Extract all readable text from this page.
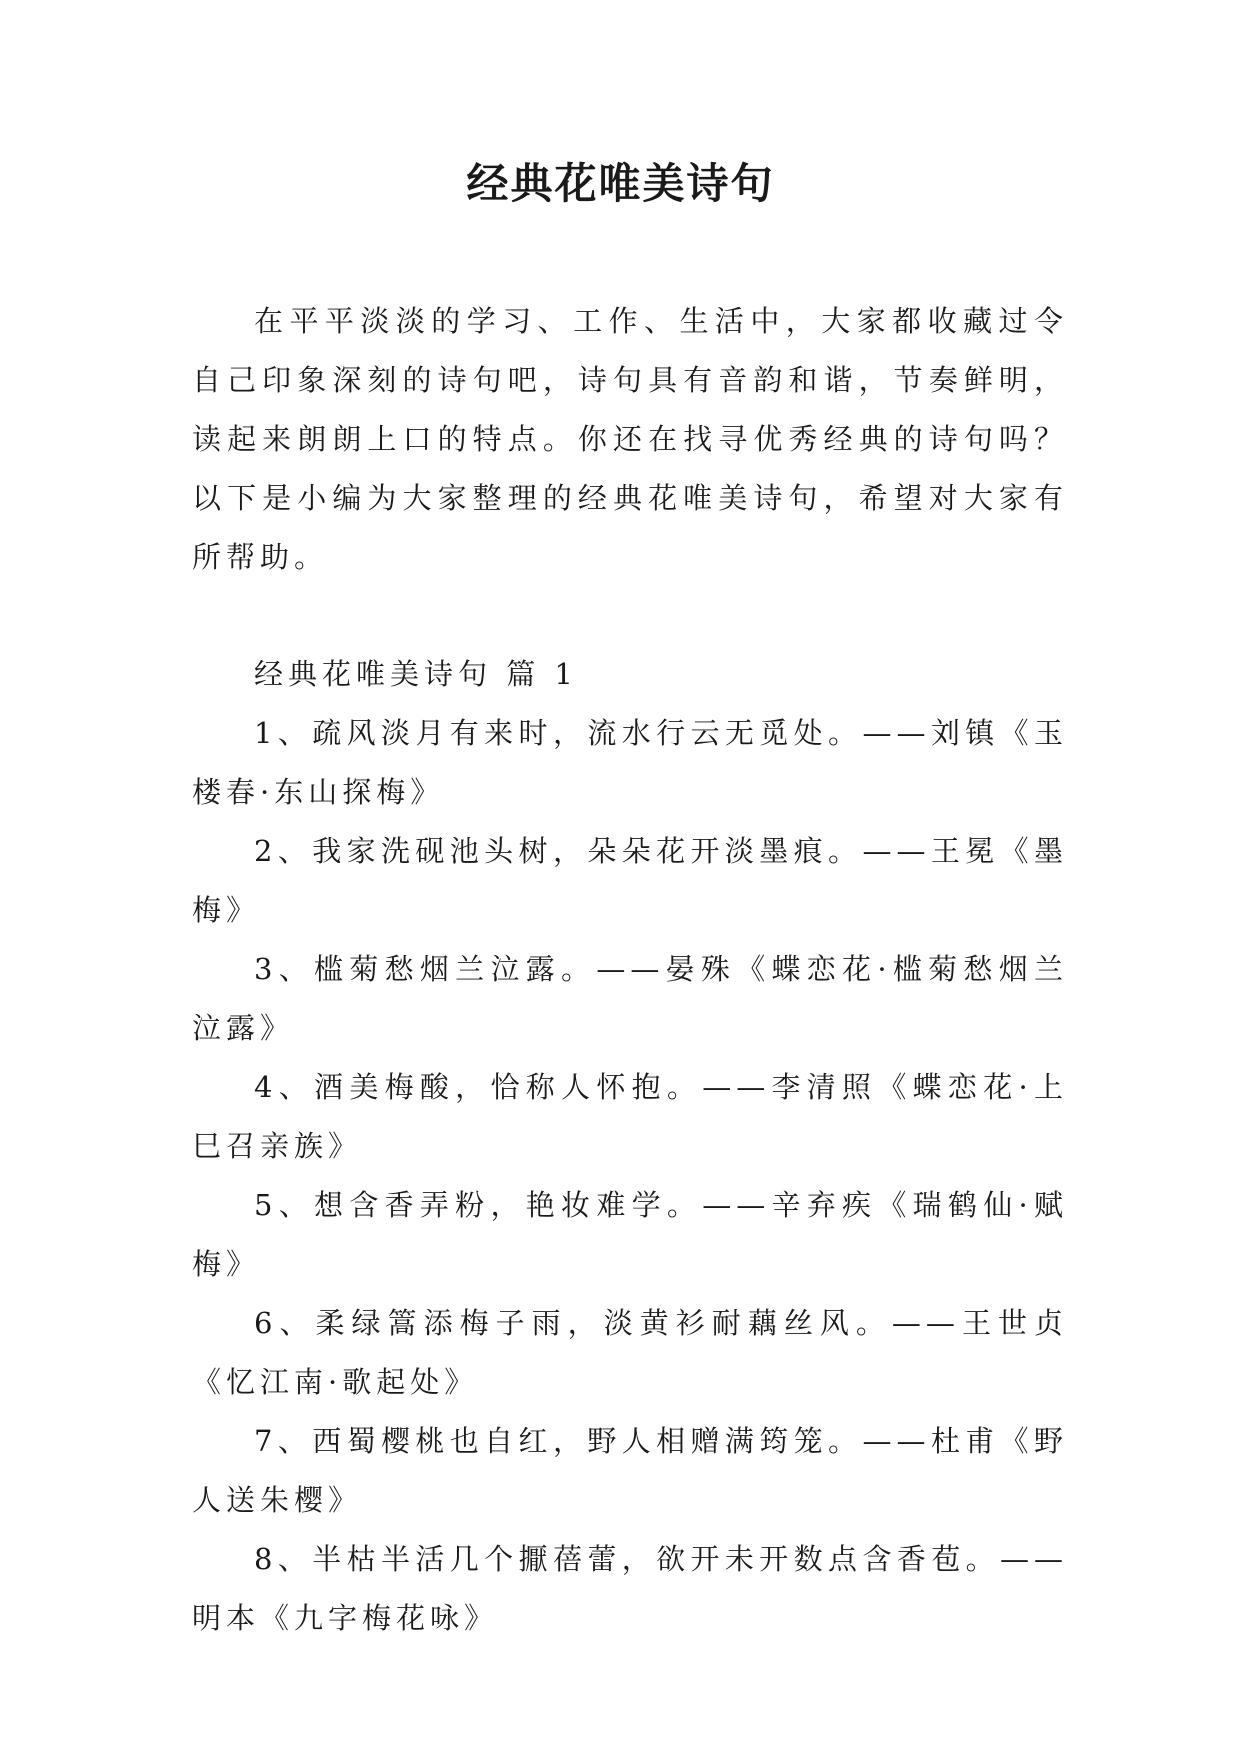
经典花唯美诗句

在平平淡淡的学习、工作、生活中，大家都收藏过令自己印象深刻的诗句吧，诗句具有音韵和谐，节奏鲜明，读起来朗朗上口的特点。你还在找寻优秀经典的诗句吗？以下是小编为大家整理的经典花唯美诗句，希望对大家有所帮助。

经典花唯美诗句 篇 1

1、疏风淡月有来时，流水行云无觅处。——刘镇《玉楼春·东山探梅》

2、我家洗砚池头树，朵朵花开淡墨痕。——王冕《墨梅》

3、槛菊愁烟兰泣露。——晏殊《蝶恋花·槛菊愁烟兰泣露》

4、酒美梅酸，恰称人怀抱。——李清照《蝶恋花·上巳召亲族》

5、想含香弄粉，艳妆难学。——辛弃疾《瑞鹤仙·赋梅》

6、柔绿篙添梅子雨，淡黄衫耐藕丝风。——王世贞《忆江南·歌起处》

7、西蜀樱桃也自红，野人相赠满筠笼。——杜甫《野人送朱樱》

8、半枯半活几个擫蓓蕾，欲开未开数点含香苞。——明本《九字梅花咏》
